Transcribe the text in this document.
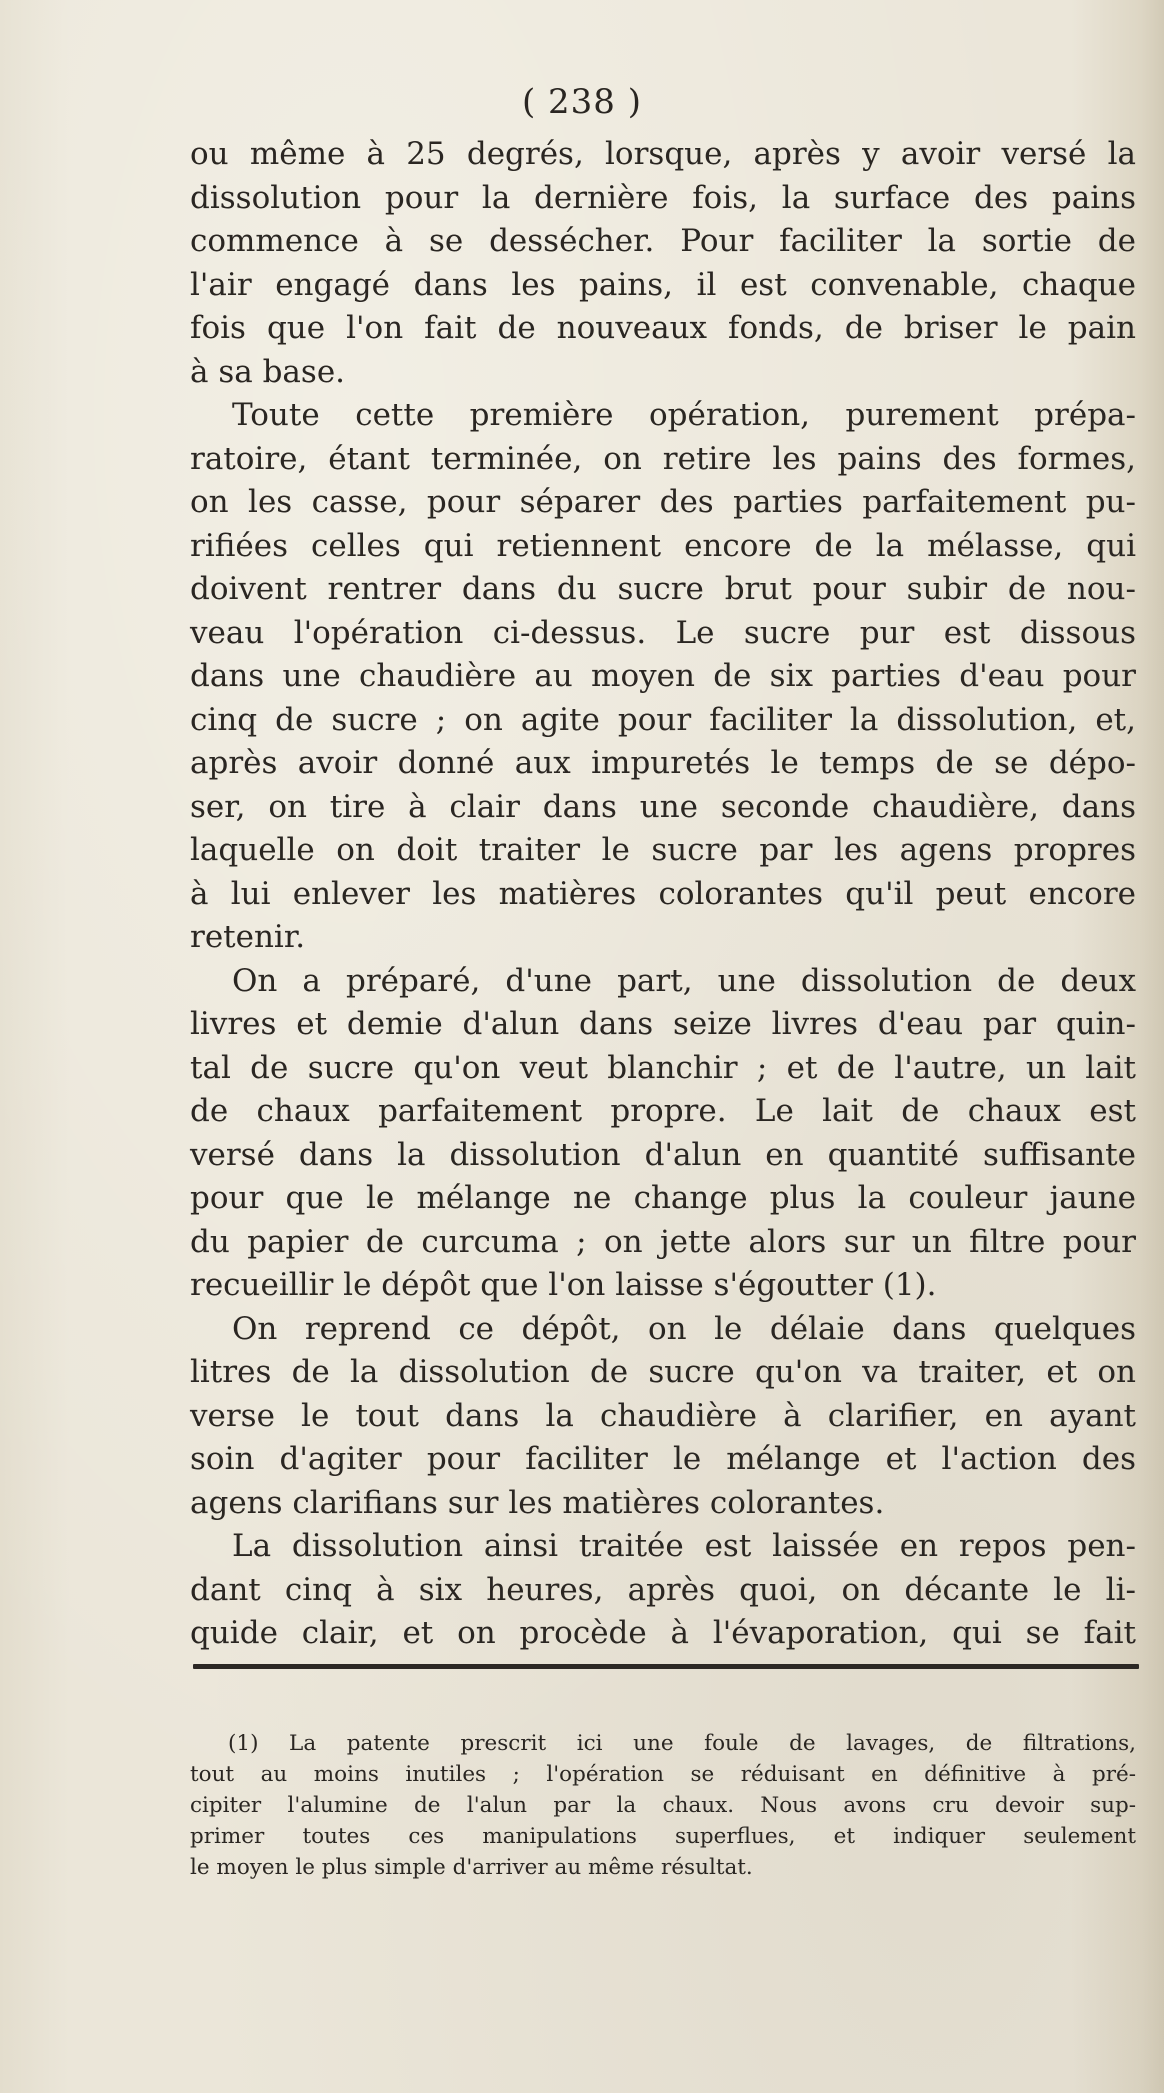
( 238 )
ou même à 25 degrés, lorsque, après y avoir versé la
dissolution pour la dernière fois, la surface des pains
commence à se dessécher. Pour faciliter la sortie de
l'air engagé dans les pains, il est convenable, chaque
fois que l'on fait de nouveaux fonds, de briser le pain
à sa base.
Toute cette première opération, purement prépa-
ratoire, étant terminée, on retire les pains des formes,
on les casse, pour séparer des parties parfaitement pu-
rifiées celles qui retiennent encore de la mélasse, qui
doivent rentrer dans du sucre brut pour subir de nou-
veau l'opération ci-dessus. Le sucre pur est dissous
dans une chaudière au moyen de six parties d'eau pour
cinq de sucre ; on agite pour faciliter la dissolution, et,
après avoir donné aux impuretés le temps de se dépo-
ser, on tire à clair dans une seconde chaudière, dans
laquelle on doit traiter le sucre par les agens propres
à lui enlever les matières colorantes qu'il peut encore
retenir.
On a préparé, d'une part, une dissolution de deux
livres et demie d'alun dans seize livres d'eau par quin-
tal de sucre qu'on veut blanchir ; et de l'autre, un lait
de chaux parfaitement propre. Le lait de chaux est
versé dans la dissolution d'alun en quantité suffisante
pour que le mélange ne change plus la couleur jaune
du papier de curcuma ; on jette alors sur un filtre pour
recueillir le dépôt que l'on laisse s'égoutter (1).
On reprend ce dépôt, on le délaie dans quelques
litres de la dissolution de sucre qu'on va traiter, et on
verse le tout dans la chaudière à clarifier, en ayant
soin d'agiter pour faciliter le mélange et l'action des
agens clarifians sur les matières colorantes.
La dissolution ainsi traitée est laissée en repos pen-
dant cinq à six heures, après quoi, on décante le li-
quide clair, et on procède à l'évaporation, qui se fait
(1) La patente prescrit ici une foule de lavages, de filtrations,
tout au moins inutiles ; l'opération se réduisant en définitive à pré-
cipiter l'alumine de l'alun par la chaux. Nous avons cru devoir sup-
primer toutes ces manipulations superflues, et indiquer seulement
le moyen le plus simple d'arriver au même résultat.
